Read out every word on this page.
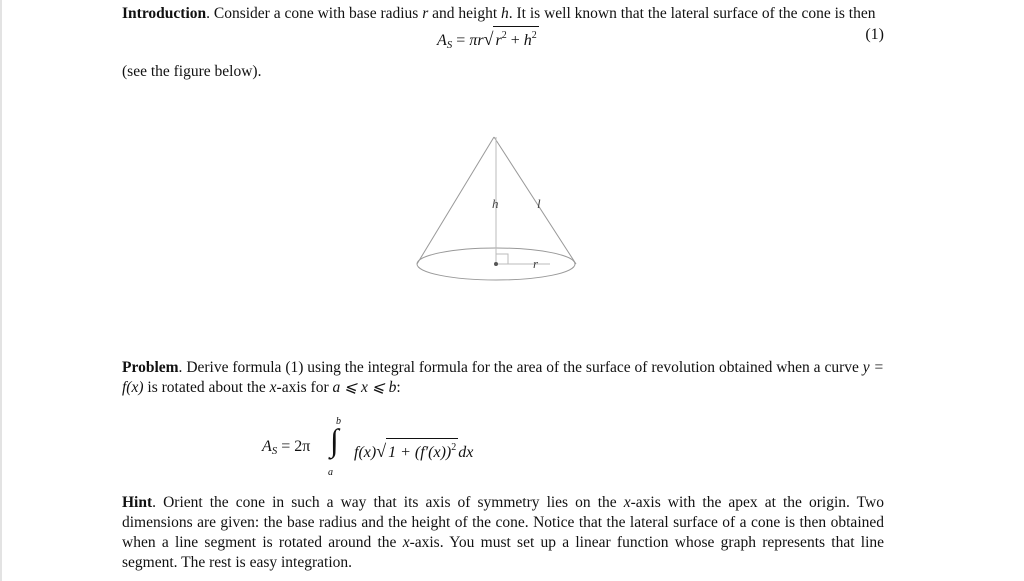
Introduction. Consider a cone with base radius r and height h. It is well known that the lateral surface of the cone is then

$A_S = \pi r√$ $r^2 + h^2$	(1)

(see the figure below).

h	l
r

Problem. Derive formula (1) using the integral formula for the area of the surface of revolution obtained when a curve y = f(x) is rotated about the x-axis for a ⩽ x ⩽ b:

$A_S = 2\pi$
b
∫
a
f(x)√ $1 + (f'(x))^2$ dx

Hint. Orient the cone in such a way that its axis of symmetry lies on the x-axis with the apex at the origin. Two dimensions are given: the base radius and the height of the cone. Notice that the lateral surface of a cone is then obtained when a line segment is rotated around the x-axis. You must set up a linear function whose graph represents that line segment. The rest is easy integration.
